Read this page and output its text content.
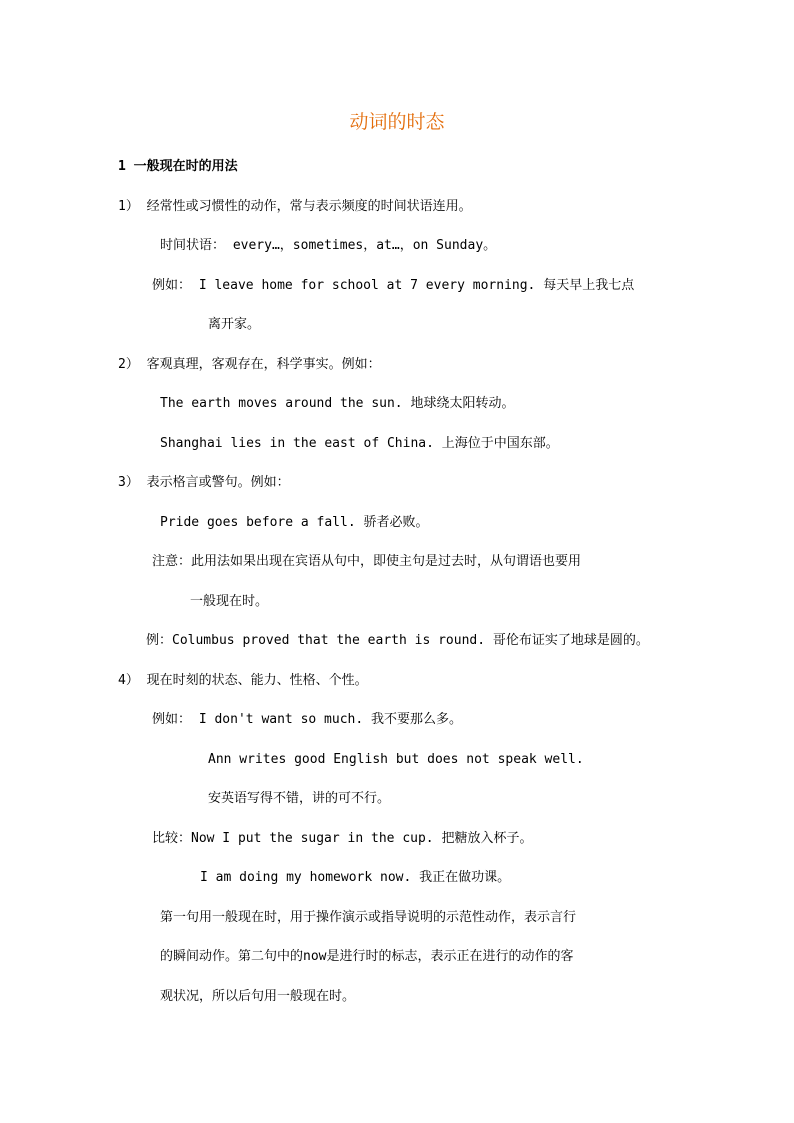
动词的时态
1 一般现在时的用法
1） 经常性或习惯性的动作，常与表示频度的时间状语连用。
时间状语： every…，sometimes，at…，on Sunday。
例如： I leave home for school at 7 every morning. 每天早上我七点
离开家。
2） 客观真理，客观存在，科学事实。例如：
The earth moves around the sun. 地球绕太阳转动。
Shanghai lies in the east of China. 上海位于中国东部。
3） 表示格言或警句。例如：
Pride goes before a fall. 骄者必败。
注意：此用法如果出现在宾语从句中，即使主句是过去时，从句谓语也要用
一般现在时。
例：Columbus proved that the earth is round. 哥伦布证实了地球是圆的。
4） 现在时刻的状态、能力、性格、个性。
例如： I don't want so much. 我不要那么多。
Ann writes good English but does not speak well.
安英语写得不错，讲的可不行。
比较：Now I put the sugar in the cup. 把糖放入杯子。
I am doing my homework now. 我正在做功课。
第一句用一般现在时，用于操作演示或指导说明的示范性动作，表示言行
的瞬间动作。第二句中的now是进行时的标志，表示正在进行的动作的客
观状况，所以后句用一般现在时。
